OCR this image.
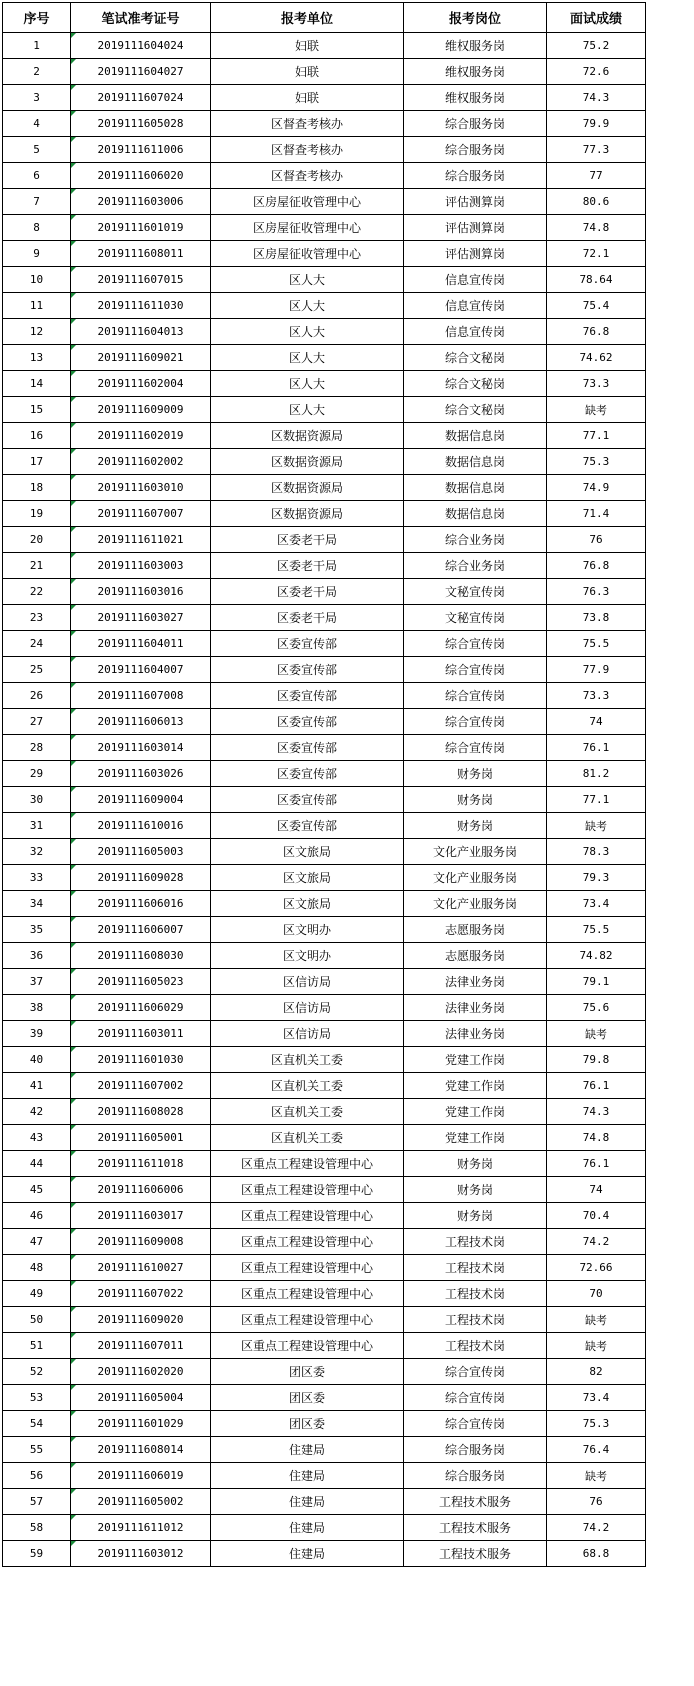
序号	笔试准考证号	报考单位	报考岗位	面试成绩
1	2019111604024	妇联	维权服务岗	75.2
2	2019111604027	妇联	维权服务岗	72.6
3	2019111607024	妇联	维权服务岗	74.3
4	2019111605028	区督查考核办	综合服务岗	79.9
5	2019111611006	区督查考核办	综合服务岗	77.3
6	2019111606020	区督查考核办	综合服务岗	77
7	2019111603006	区房屋征收管理中心	评估测算岗	80.6
8	2019111601019	区房屋征收管理中心	评估测算岗	74.8
9	2019111608011	区房屋征收管理中心	评估测算岗	72.1
10	2019111607015	区人大	信息宣传岗	78.64
11	2019111611030	区人大	信息宣传岗	75.4
12	2019111604013	区人大	信息宣传岗	76.8
13	2019111609021	区人大	综合文秘岗	74.62
14	2019111602004	区人大	综合文秘岗	73.3
15	2019111609009	区人大	综合文秘岗	缺考
16	2019111602019	区数据资源局	数据信息岗	77.1
17	2019111602002	区数据资源局	数据信息岗	75.3
18	2019111603010	区数据资源局	数据信息岗	74.9
19	2019111607007	区数据资源局	数据信息岗	71.4
20	2019111611021	区委老干局	综合业务岗	76
21	2019111603003	区委老干局	综合业务岗	76.8
22	2019111603016	区委老干局	文秘宣传岗	76.3
23	2019111603027	区委老干局	文秘宣传岗	73.8
24	2019111604011	区委宣传部	综合宣传岗	75.5
25	2019111604007	区委宣传部	综合宣传岗	77.9
26	2019111607008	区委宣传部	综合宣传岗	73.3
27	2019111606013	区委宣传部	综合宣传岗	74
28	2019111603014	区委宣传部	综合宣传岗	76.1
29	2019111603026	区委宣传部	财务岗	81.2
30	2019111609004	区委宣传部	财务岗	77.1
31	2019111610016	区委宣传部	财务岗	缺考
32	2019111605003	区文旅局	文化产业服务岗	78.3
33	2019111609028	区文旅局	文化产业服务岗	79.3
34	2019111606016	区文旅局	文化产业服务岗	73.4
35	2019111606007	区文明办	志愿服务岗	75.5
36	2019111608030	区文明办	志愿服务岗	74.82
37	2019111605023	区信访局	法律业务岗	79.1
38	2019111606029	区信访局	法律业务岗	75.6
39	2019111603011	区信访局	法律业务岗	缺考
40	2019111601030	区直机关工委	党建工作岗	79.8
41	2019111607002	区直机关工委	党建工作岗	76.1
42	2019111608028	区直机关工委	党建工作岗	74.3
43	2019111605001	区直机关工委	党建工作岗	74.8
44	2019111611018	区重点工程建设管理中心	财务岗	76.1
45	2019111606006	区重点工程建设管理中心	财务岗	74
46	2019111603017	区重点工程建设管理中心	财务岗	70.4
47	2019111609008	区重点工程建设管理中心	工程技术岗	74.2
48	2019111610027	区重点工程建设管理中心	工程技术岗	72.66
49	2019111607022	区重点工程建设管理中心	工程技术岗	70
50	2019111609020	区重点工程建设管理中心	工程技术岗	缺考
51	2019111607011	区重点工程建设管理中心	工程技术岗	缺考
52	2019111602020	团区委	综合宣传岗	82
53	2019111605004	团区委	综合宣传岗	73.4
54	2019111601029	团区委	综合宣传岗	75.3
55	2019111608014	住建局	综合服务岗	76.4
56	2019111606019	住建局	综合服务岗	缺考
57	2019111605002	住建局	工程技术服务	76
58	2019111611012	住建局	工程技术服务	74.2
59	2019111603012	住建局	工程技术服务	68.8
